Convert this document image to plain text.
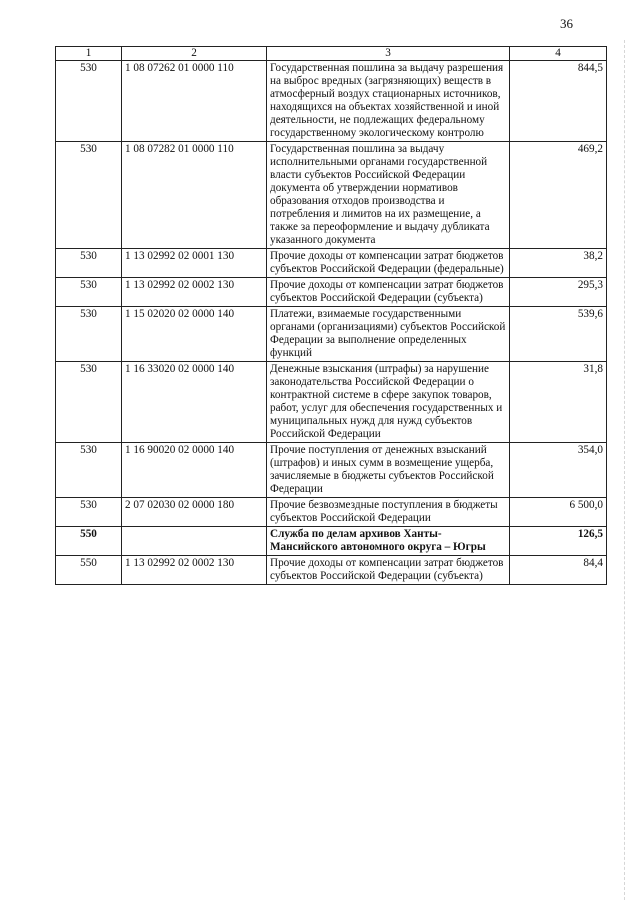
36
1	2	3	4
530	1 08 07262 01 0000 110	Государственная пошлина за выдачу разрешения на выброс вредных (загрязняющих) веществ в атмосферный воздух стационарных источников, находящихся на объектах хозяйственной и иной деятельности, не подлежащих федеральному государственному экологическому контролю	844,5
530	1 08 07282 01 0000 110	Государственная пошлина за выдачу исполнительными органами государственной власти субъектов Российской Федерации документа об утверждении нормативов образования отходов производства и потребления и лимитов на их размещение, а также за переоформление и выдачу дубликата указанного документа	469,2
530	1 13 02992 02 0001 130	Прочие доходы от компенсации затрат бюджетов субъектов Российской Федерации (федеральные)	38,2
530	1 13 02992 02 0002 130	Прочие доходы от компенсации затрат бюджетов субъектов Российской Федерации (субъекта)	295,3
530	1 15 02020 02 0000 140	Платежи, взимаемые государственными органами (организациями) субъектов Российской Федерации за выполнение определенных функций	539,6
530	1 16 33020 02 0000 140	Денежные взыскания (штрафы) за нарушение законодательства Российской Федерации о контрактной системе в сфере закупок товаров, работ, услуг для обеспечения государственных и муниципальных нужд для нужд субъектов Российской Федерации	31,8
530	1 16 90020 02 0000 140	Прочие поступления от денежных взысканий (штрафов) и иных сумм в возмещение ущерба, зачисляемые в бюджеты субъектов Российской Федерации	354,0
530	2 07 02030 02 0000 180	Прочие безвозмездные поступления в бюджеты субъектов Российской Федерации	6 500,0
550		Служба по делам архивов Ханты-Мансийского автономного округа – Югры	126,5
550	1 13 02992 02 0002 130	Прочие доходы от компенсации затрат бюджетов субъектов Российской Федерации (субъекта)	84,4
